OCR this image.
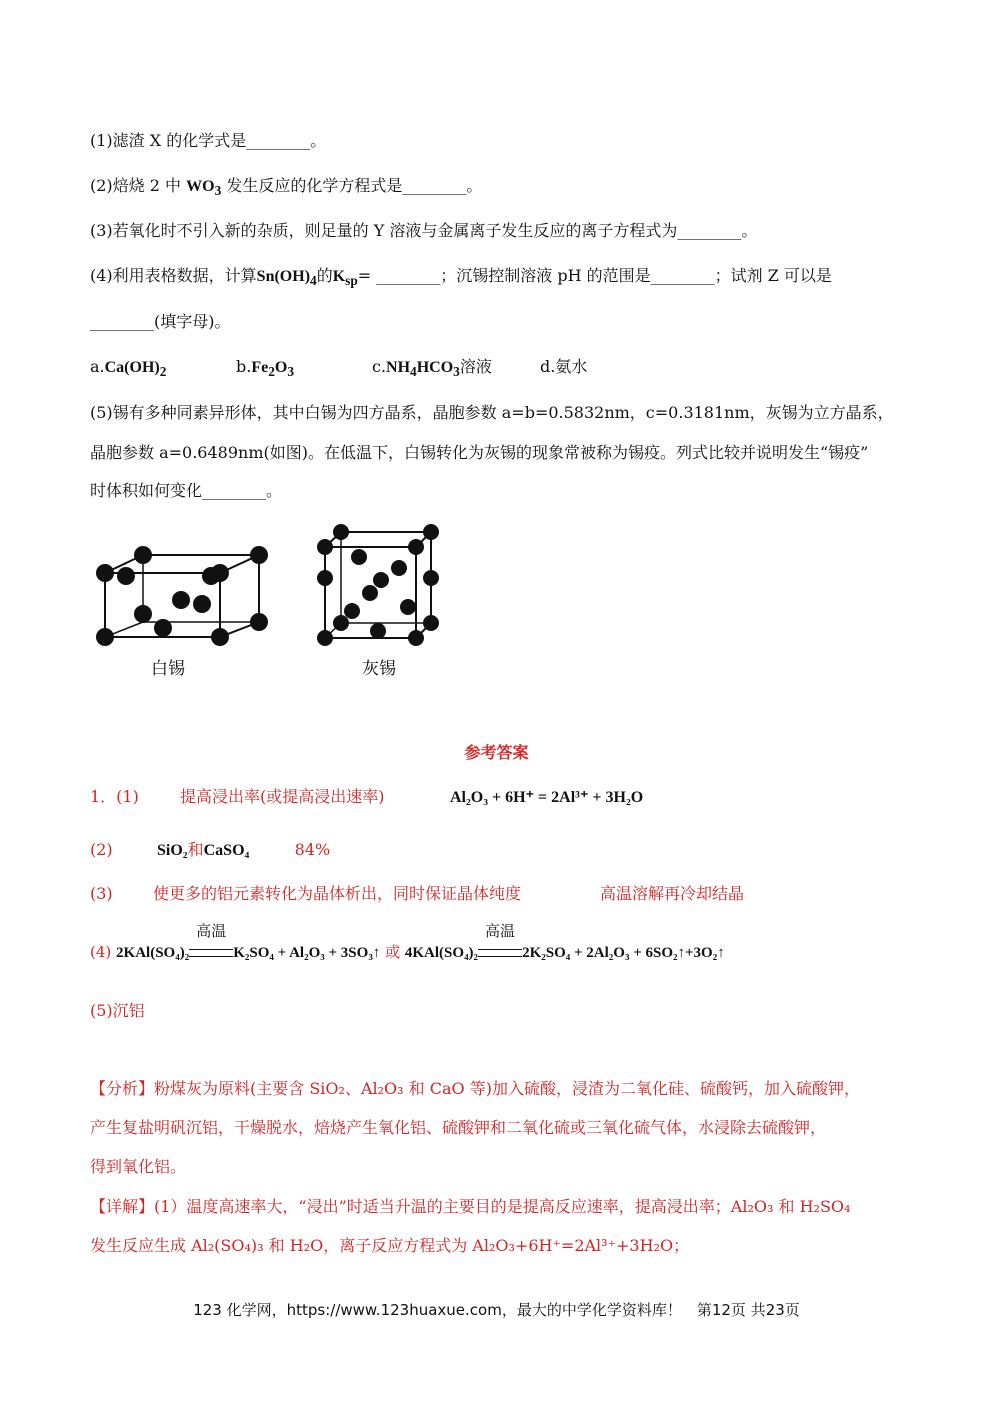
(1)滤渣 X 的化学式是________。
(2)焙烧 2 中 $WO_3$ 发生反应的化学方程式是________。
(3)若氧化时不引入新的杂质，则足量的 Y 溶液与金属离子发生反应的离子方程式为________。
(4)利用表格数据，计算$Sn(OH)_4$的$K_{sp}=$ ________；沉锡控制溶液 pH 的范围是________；试剂 Z 可以是
________(填字母)。
$a.Ca(OH)_2$	$b.Fe_2O_3$	$c.NH_4HCO_3$溶液	d.氨水
(5)锡有多种同素异形体，其中白锡为四方晶系，晶胞参数 a=b=0.5832nm，c=0.3181nm，灰锡为立方晶系，
晶胞参数 a=0.6489nm(如图)。在低温下，白锡转化为灰锡的现象常被称为锡疫。列式比较并说明发生“锡疫”
时体积如何变化________。
白锡	灰锡
参考答案
1．(1)	提高浸出率(或提高浸出速率)	Al₂O₃ + 6H⁺ = 2Al³⁺ + 3H₂O
(2)	SiO₂和CaSO₄	84%
(3)	使更多的铝元素转化为晶体析出，同时保证晶体纯度	高温溶解再冷却结晶
(4) 2KAl(SO₄)₂
高温
K₂SO₄ + Al₂O₃ + 3SO₃↑ 或 4KAl(SO₄)₂
高温
2K₂SO₄ + 2Al₂O₃ + 6SO₂↑+3O₂↑
(5)沉铝
【分析】粉煤灰为原料(主要含 SiO₂、Al₂O₃ 和 CaO 等)加入硫酸，浸渣为二氧化硅、硫酸钙，加入硫酸钾，
产生复盐明矾沉铝，干燥脱水，焙烧产生氧化铝、硫酸钾和二氧化硫或三氧化硫气体，水浸除去硫酸钾，
得到氧化铝。
【详解】(1）温度高速率大，“浸出”时适当升温的主要目的是提高反应速率，提高浸出率；Al₂O₃ 和 H₂SO₄
发生反应生成 Al₂(SO₄)₃ 和 H₂O，离子反应方程式为 Al₂O₃+6H⁺=2Al³⁺+3H₂O；
123 化学网，https://www.123huaxue.com，最大的中学化学资料库！　第12页 共23页
